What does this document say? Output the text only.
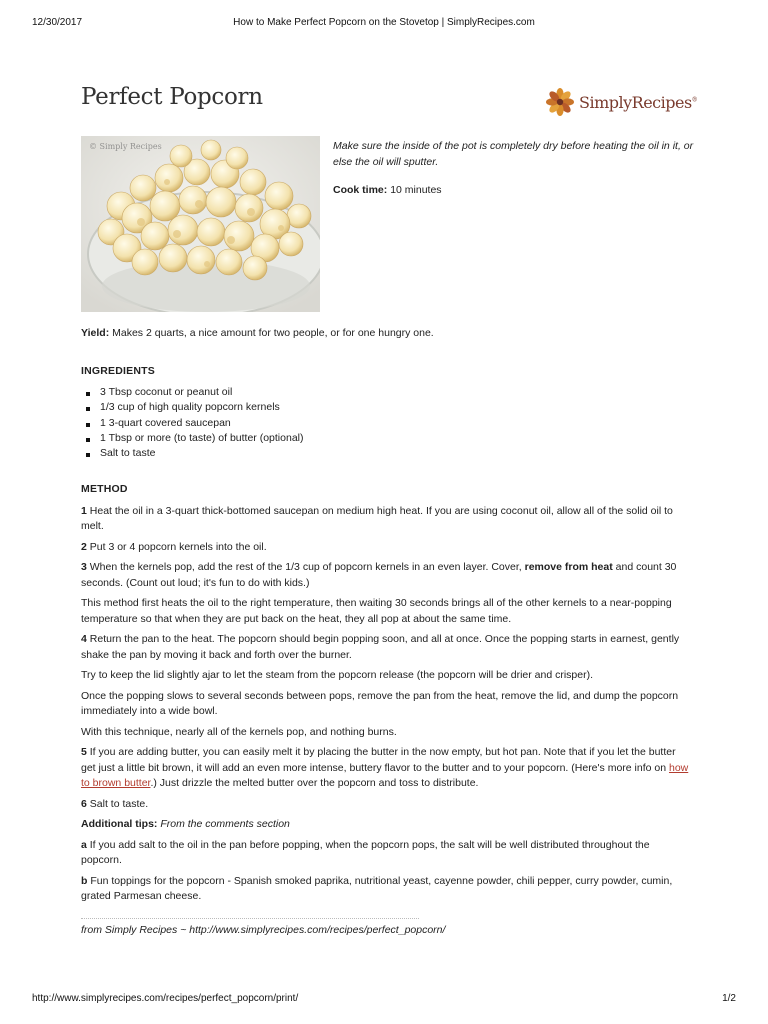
12/30/2017	How to Make Perfect Popcorn on the Stovetop | SimplyRecipes.com
Perfect Popcorn	SimplyRecipes®
© Simply Recipes	Make sure the inside of the pot is completely dry before heating the oil in it, or else the oil will sputter.

Cook time: 10 minutes

Yield: Makes 2 quarts, a nice amount for two people, or for one hungry one.

INGREDIENTS

3 Tbsp coconut or peanut oil
1/3 cup of high quality popcorn kernels
1 3-quart covered saucepan
1 Tbsp or more (to taste) of butter (optional)
Salt to taste

METHOD

1 Heat the oil in a 3-quart thick-bottomed saucepan on medium high heat. If you are using coconut oil, allow all of the solid oil to melt.

2 Put 3 or 4 popcorn kernels into the oil.

3 When the kernels pop, add the rest of the 1/3 cup of popcorn kernels in an even layer. Cover, remove from heat and count 30 seconds. (Count out loud; it's fun to do with kids.)

This method first heats the oil to the right temperature, then waiting 30 seconds brings all of the other kernels to a near-popping temperature so that when they are put back on the heat, they all pop at about the same time.

4 Return the pan to the heat. The popcorn should begin popping soon, and all at once. Once the popping starts in earnest, gently shake the pan by moving it back and forth over the burner.

Try to keep the lid slightly ajar to let the steam from the popcorn release (the popcorn will be drier and crisper).

Once the popping slows to several seconds between pops, remove the pan from the heat, remove the lid, and dump the popcorn immediately into a wide bowl.

With this technique, nearly all of the kernels pop, and nothing burns.

5 If you are adding butter, you can easily melt it by placing the butter in the now empty, but hot pan. Note that if you let the butter get just a little bit brown, it will add an even more intense, buttery flavor to the butter and to your popcorn. (Here's more info on how to brown butter.) Just drizzle the melted butter over the popcorn and toss to distribute.

6 Salt to taste.

Additional tips: From the comments section

a If you add salt to the oil in the pan before popping, when the popcorn pops, the salt will be well distributed throughout the popcorn.

b Fun toppings for the popcorn - Spanish smoked paprika, nutritional yeast, cayenne powder, chili pepper, curry powder, cumin, grated Parmesan cheese.

from Simply Recipes ~ http://www.simplyrecipes.com/recipes/perfect_popcorn/

http://www.simplyrecipes.com/recipes/perfect_popcorn/print/	1/2
